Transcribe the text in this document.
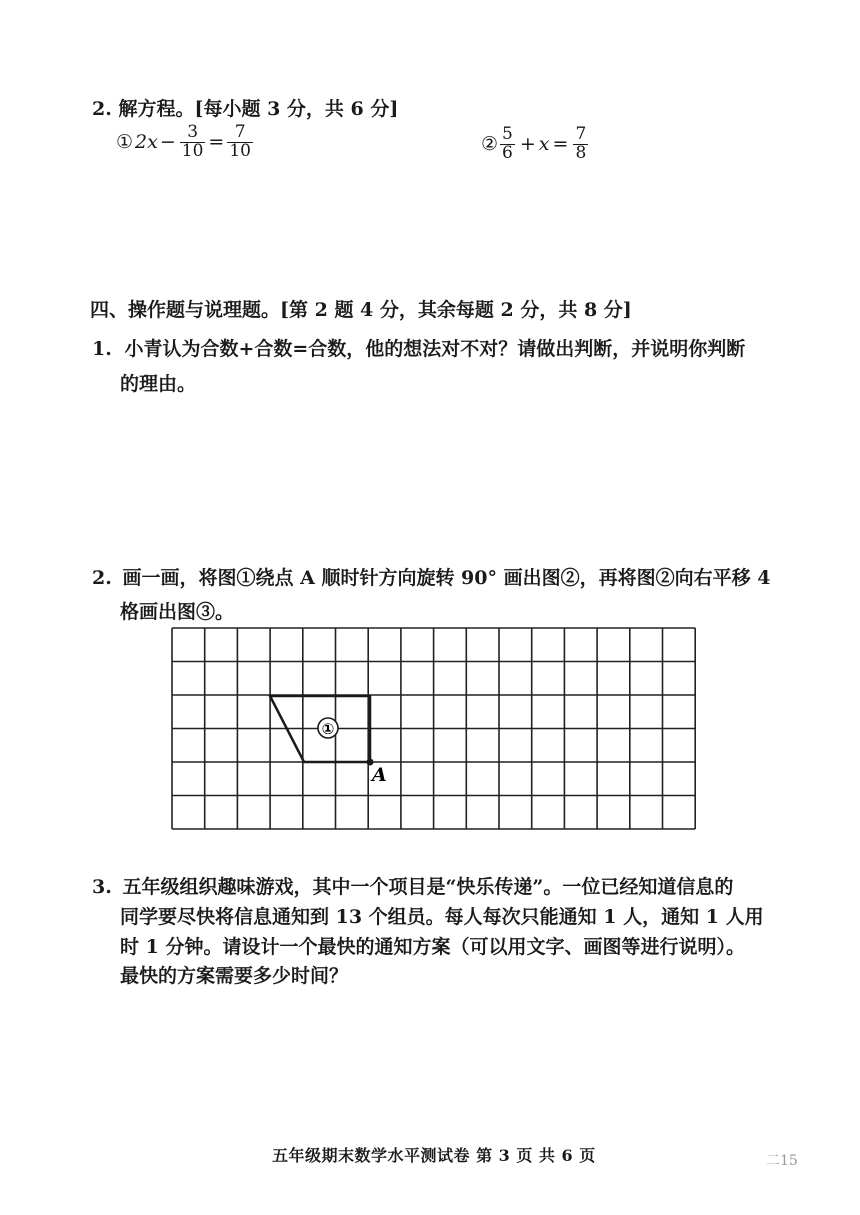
2. 解方程。[每小题 3 分，共 6 分]
① $2x - \frac{3}{10} = \frac{7}{10}$	② $\frac{5}{6} + x = \frac{7}{8}$
四、操作题与说理题。[第 2 题 4 分，其余每题 2 分，共 8 分]
1. 小青认为合数+合数=合数，他的想法对不对？请做出判断，并说明你判断
的理由。
2. 画一画，将图①绕点 A 顺时针方向旋转 90° 画出图②，再将图②向右平移 4
格画出图③。
①
A
3. 五年级组织趣味游戏，其中一个项目是“快乐传递”。一位已经知道信息的
同学要尽快将信息通知到 13 个组员。每人每次只能通知 1 人，通知 1 人用
时 1 分钟。请设计一个最快的通知方案（可以用文字、画图等进行说明）。
最快的方案需要多少时间？
五年级期末数学水平测试卷 第 3 页 共 6 页	二15
